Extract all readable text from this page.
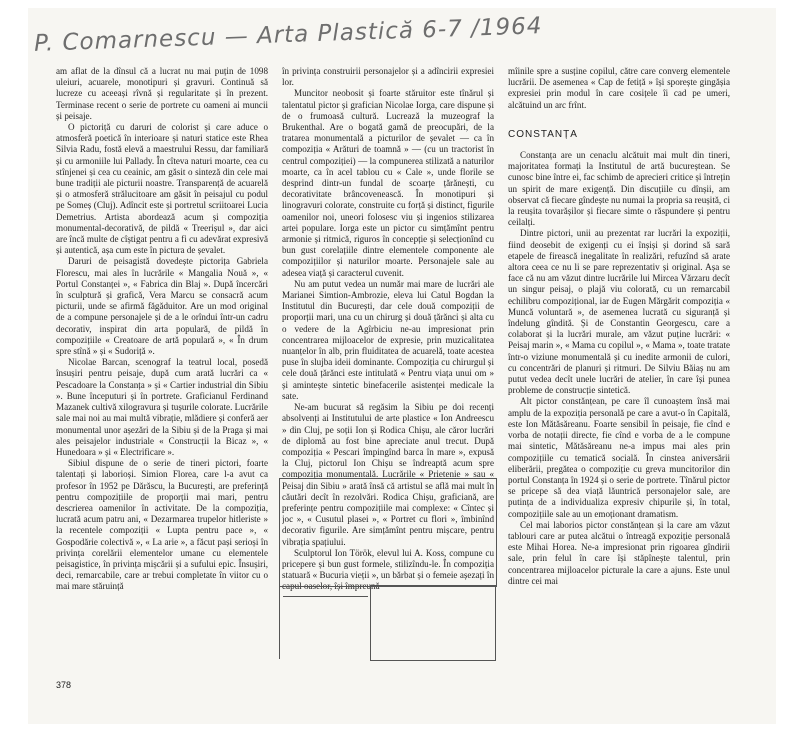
P. Comarnescu — Arta Plastică 6-7 /1964

am aflat de la dînsul că a lucrat nu mai puțin de 1098 uleiuri, acuarele, monotipuri și gravuri. Continuă să lucreze cu aceeași rîvnă și regularitate și în prezent. Terminase recent o serie de portrete cu oameni ai muncii și peisaje.

O pictoriță cu daruri de colorist și care aduce o atmosferă poetică în interioare și naturi statice este Rhea Silvia Radu, fostă elevă a maestrului Ressu, dar familiară și cu armoniile lui Pallady. În cîteva naturi moarte, cea cu stînjenei și cea cu ceainic, am găsit o sinteză din cele mai bune tradiții ale picturii noastre. Transparență de acuarelă și o atmosferă strălucitoare am găsit în peisajul cu podul pe Someș (Cluj). Adîncit este și portretul scriitoarei Lucia Demetrius. Artista abordează acum și compoziția monumental-decorativă, de pildă « Treerișul », dar aici are încă multe de cîștigat pentru a fi cu adevărat expresivă și autentică, așa cum este în pictura de șevalet.

Daruri de peisagistă dovedește pictorița Gabriela Florescu, mai ales în lucrările « Mangalia Nouă », « Portul Constanței », « Fabrica din Blaj ». După încercări în sculptură și grafică, Vera Marcu se consacră acum picturii, unde se afirmă făgăduitor. Are un mod original de a compune personajele și de a le orîndui într-un cadru decorativ, inspirat din arta populară, de pildă în compozițiile « Creatoare de artă populară », « În drum spre stînă » și « Sudoriță ».

Nicolae Barcan, scenograf la teatrul local, posedă însușiri pentru peisaje, după cum arată lucrări ca « Pescadoare la Constanța » și « Cartier industrial din Sibiu ». Bune începuturi și în portrete. Graficianul Ferdinand Mazanek cultivă xilogravura și tușurile colorate. Lucrările sale mai noi au mai multă vibrație, mlădiere și conferă aer monumental unor așezări de la Sibiu și de la Praga și mai ales peisajelor industriale « Construcții la Bicaz », « Hunedoara » și « Electrificare ».

Sibiul dispune de o serie de tineri pictori, foarte talentați și laborioși. Simion Florea, care l-a avut ca profesor în 1952 pe Dărăscu, la București, are preferință pentru compozițiile de proporții mai mari, pentru descrierea oamenilor în activitate. De la compoziția, lucrată acum patru ani, « Dezarmarea trupelor hitleriste » la recentele compoziții « Lupta pentru pace », « Gospodărie colectivă », « La arie », a făcut pași serioși în privința corelării elementelor umane cu elementele peisagistice, în privința mișcării și a sufului epic. Însușiri, deci, remarcabile, care ar trebui completate în viitor cu o mai mare stăruință

în privința construirii personajelor și a adîncirii expresiei lor.

Muncitor neobosit și foarte stăruitor este tînărul și talentatul pictor și grafician Nicolae Iorga, care dispune și de o frumoasă cultură. Lucrează la muzeograf la Brukenthal. Are o bogată gamă de preocupări, de la tratarea monumentală a picturilor de șevalet — ca în compoziția « Arături de toamnă » — (cu un tractorist în centrul compoziției) — la compunerea stilizată a naturilor moarte, ca în acel tablou cu « Cale », unde florile se desprind dintr-un fundal de scoarțe țărănești, cu decorativitate brâncovenească. În monotipuri și linogravuri colorate, construite cu forță și distinct, figurile oamenilor noi, uneori folosesc viu și ingenios stilizarea artei populare. Iorga este un pictor cu simțămînt pentru armonie și ritmică, riguros în concepție și selecționînd cu bun gust corelațiile dintre elementele componente ale compozițiilor și naturilor moarte. Personajele sale au adesea viață și caracterul cuvenit.

Nu am putut vedea un număr mai mare de lucrări ale Marianei Simtion-Ambrozie, eleva lui Catul Bogdan la Institutul din București, dar cele două compoziții de proporții mari, una cu un chirurg și două țărănci și alta cu o vedere de la Agîrbiciu ne-au impresionat prin concentrarea mijloacelor de expresie, prin muzicalitatea nuanțelor în alb, prin fluiditatea de acuarelă, toate acestea puse în slujba ideii dominante. Compoziția cu chirurgul și cele două țărănci este intitulată « Pentru viața unui om » și amintește sintetic binefacerile asistenței medicale la sate.

Ne-am bucurat să regăsim la Sibiu pe doi recenți absolvenți ai Institutului de arte plastice « Ion Andreescu » din Cluj, pe soții Ion și Rodica Chișu, ale căror lucrări de diplomă au fost bine apreciate anul trecut. După compoziția « Pescari împingînd barca în mare », expusă la Cluj, pictorul Ion Chișu se îndreaptă acum spre compoziția monumentală. Lucrările « Prietenie » sau « Peisaj din Sibiu » arată însă că artistul se află mai mult în căutări decît în rezolvări. Rodica Chișu, graficiană, are preferințe pentru compozițiile mai complexe: « Cîntec și joc », « Cusutul plasei », « Portret cu flori », îmbinînd decorativ figurile. Are simțămînt pentru mișcare, pentru vibrația spațiului.

Sculptorul Ion Török, elevul lui A. Koss, compune cu pricepere și bun gust formele, stilizîndu-le. În compoziția statuară « Bucuria vieții », un bărbat și o femeie așezați în capul oaselor, își împreună

mîinile spre a susține copilul, către care converg elementele lucrării. De asemenea « Cap de fetiță » își sporește gingășia expresiei prin modul în care cosițele îi cad pe umeri, alcătuind un arc frînt.

CONSTANȚA

Constanța are un cenaclu alcătuit mai mult din tineri, majoritatea formați la Institutul de artă bucureștean. Se cunosc bine între ei, fac schimb de aprecieri critice și întrețin un spirit de mare exigență. Din discuțiile cu dînșii, am observat că fiecare gîndește nu numai la propria sa reușită, ci la reușita tovarășilor și fiecare simte o răspundere și pentru ceilalți.

Dintre pictori, unii au prezentat rar lucrări la expoziții, fiind deosebit de exigenți cu ei înșiși și dorind să sară etapele de firească inegalitate în realizări, refuzînd să arate altora ceea ce nu li se pare reprezentativ și original. Așa se face că nu am văzut dintre lucrările lui Mircea Vărzaru decît un singur peisaj, o plajă viu colorată, cu un remarcabil echilibru compozițional, iar de Eugen Mărgărit compoziția « Muncă voluntară », de asemenea lucrată cu siguranță și îndelung gîndită. Și de Constantin Georgescu, care a colaborat și la lucrări murale, am văzut puține lucrări: « Peisaj marin », « Mama cu copilul », « Mama », toate tratate într-o viziune monumentală și cu inedite armonii de culori, cu concentrări de planuri și ritmuri. De Silviu Băiaș nu am putut vedea decît unele lucrări de atelier, în care își punea probleme de construcție sintetică.

Alt pictor constănțean, pe care îl cunoaștem însă mai amplu de la expoziția personală pe care a avut-o în Capitală, este Ion Mătăsăreanu. Foarte sensibil în peisaje, fie cînd e vorba de notații directe, fie cînd e vorba de a le compune mai sintetic, Mătăsăreanu ne-a impus mai ales prin compozițiile cu tematică socială. În cinstea aniversării eliberării, pregătea o compoziție cu greva muncitorilor din portul Constanța în 1924 și o serie de portrete. Tînărul pictor se pricepe să dea viață lăuntrică personajelor sale, are putința de a individualiza expresiv chipurile și, în total, compozițiile sale au un emoționant dramatism.

Cel mai laborios pictor constănțean și la care am văzut tablouri care ar putea alcătui o întreagă expoziție personală este Mihai Horea. Ne-a impresionat prin rigoarea gîndirii sale, prin felul în care își stăpînește talentul, prin concentrarea mijloacelor picturale la care a ajuns. Este unul dintre cei mai

378
